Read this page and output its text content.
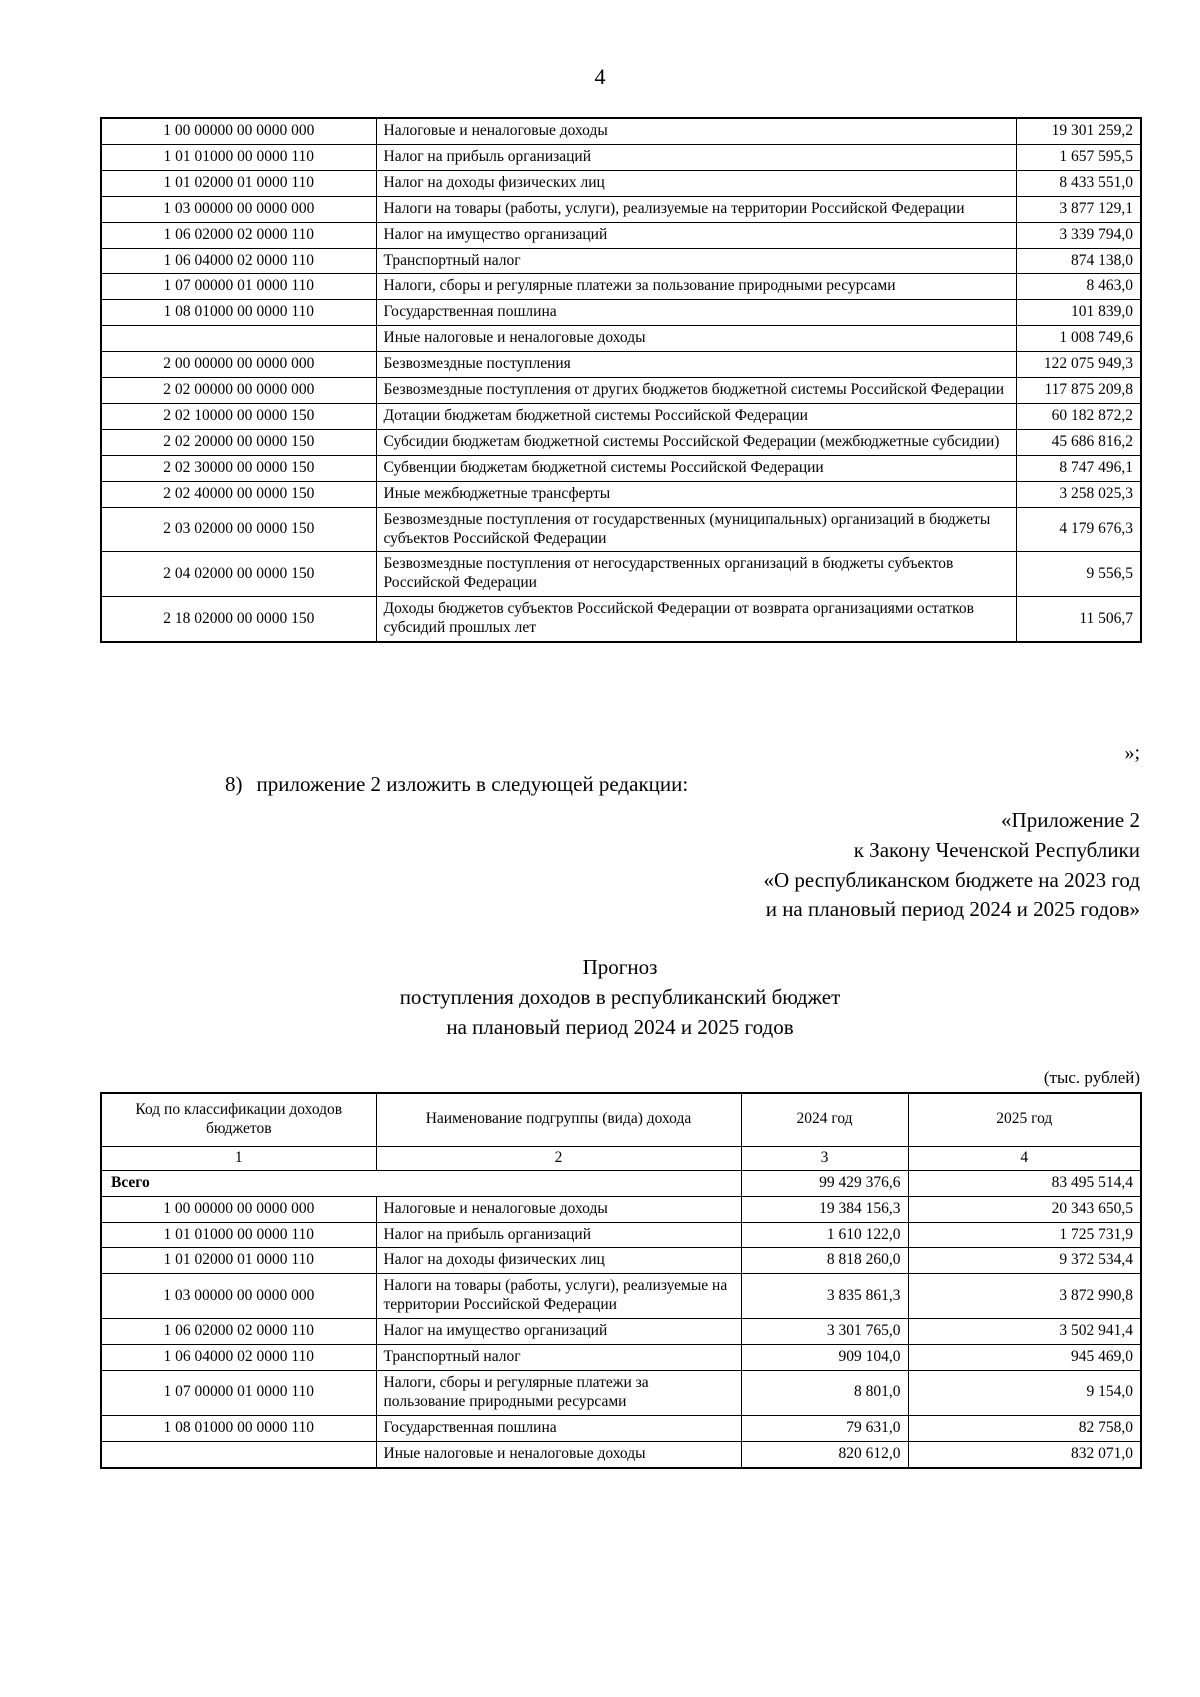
4
1 00 00000 00 0000 000	Налоговые и неналоговые доходы	19 301 259,2
1 01 01000 00 0000 110	Налог на прибыль организаций	1 657 595,5
1 01 02000 01 0000 110	Налог на доходы физических лиц	8 433 551,0
1 03 00000 00 0000 000	Налоги на товары (работы, услуги), реализуемые на территории Российской Федерации	3 877 129,1
1 06 02000 02 0000 110	Налог на имущество организаций	3 339 794,0
1 06 04000 02 0000 110	Транспортный налог	874 138,0
1 07 00000 01 0000 110	Налоги, сборы и регулярные платежи за пользование природными ресурсами	8 463,0
1 08 01000 00 0000 110	Государственная пошлина	101 839,0
	Иные налоговые и неналоговые доходы	1 008 749,6
2 00 00000 00 0000 000	Безвозмездные поступления	122 075 949,3
2 02 00000 00 0000 000	Безвозмездные поступления от других бюджетов бюджетной системы Российской Федерации	117 875 209,8
2 02 10000 00 0000 150	Дотации бюджетам бюджетной системы Российской Федерации	60 182 872,2
2 02 20000 00 0000 150	Субсидии бюджетам бюджетной системы Российской Федерации (межбюджетные субсидии)	45 686 816,2
2 02 30000 00 0000 150	Субвенции бюджетам бюджетной системы Российской Федерации	8 747 496,1
2 02 40000 00 0000 150	Иные межбюджетные трансферты	3 258 025,3
2 03 02000 00 0000 150	Безвозмездные поступления от государственных (муниципальных) организаций в бюджеты субъектов Российской Федерации	4 179 676,3
2 04 02000 00 0000 150	Безвозмездные поступления от негосударственных организаций в бюджеты субъектов Российской Федерации	9 556,5
2 18 02000 00 0000 150	Доходы бюджетов субъектов Российской Федерации от возврата организациями остатков субсидий прошлых лет	11 506,7
»;
8) приложение 2 изложить в следующей редакции:
«Приложение 2
к Закону Чеченской Республики
«О республиканском бюджете на 2023 год
и на плановый период 2024 и 2025 годов»
Прогноз
поступления доходов в республиканский бюджет
на плановый период 2024 и 2025 годов
(тыс. рублей)
Код по классификации доходов бюджетов	Наименование подгруппы (вида) дохода	2024 год	2025 год
1	2	3	4
Всего		99 429 376,6	83 495 514,4
1 00 00000 00 0000 000	Налоговые и неналоговые доходы	19 384 156,3	20 343 650,5
1 01 01000 00 0000 110	Налог на прибыль организаций	1 610 122,0	1 725 731,9
1 01 02000 01 0000 110	Налог на доходы физических лиц	8 818 260,0	9 372 534,4
1 03 00000 00 0000 000	Налоги на товары (работы, услуги), реализуемые на территории Российской Федерации	3 835 861,3	3 872 990,8
1 06 02000 02 0000 110	Налог на имущество организаций	3 301 765,0	3 502 941,4
1 06 04000 02 0000 110	Транспортный налог	909 104,0	945 469,0
1 07 00000 01 0000 110	Налоги, сборы и регулярные платежи за пользование природными ресурсами	8 801,0	9 154,0
1 08 01000 00 0000 110	Государственная пошлина	79 631,0	82 758,0
	Иные налоговые и неналоговые доходы	820 612,0	832 071,0
